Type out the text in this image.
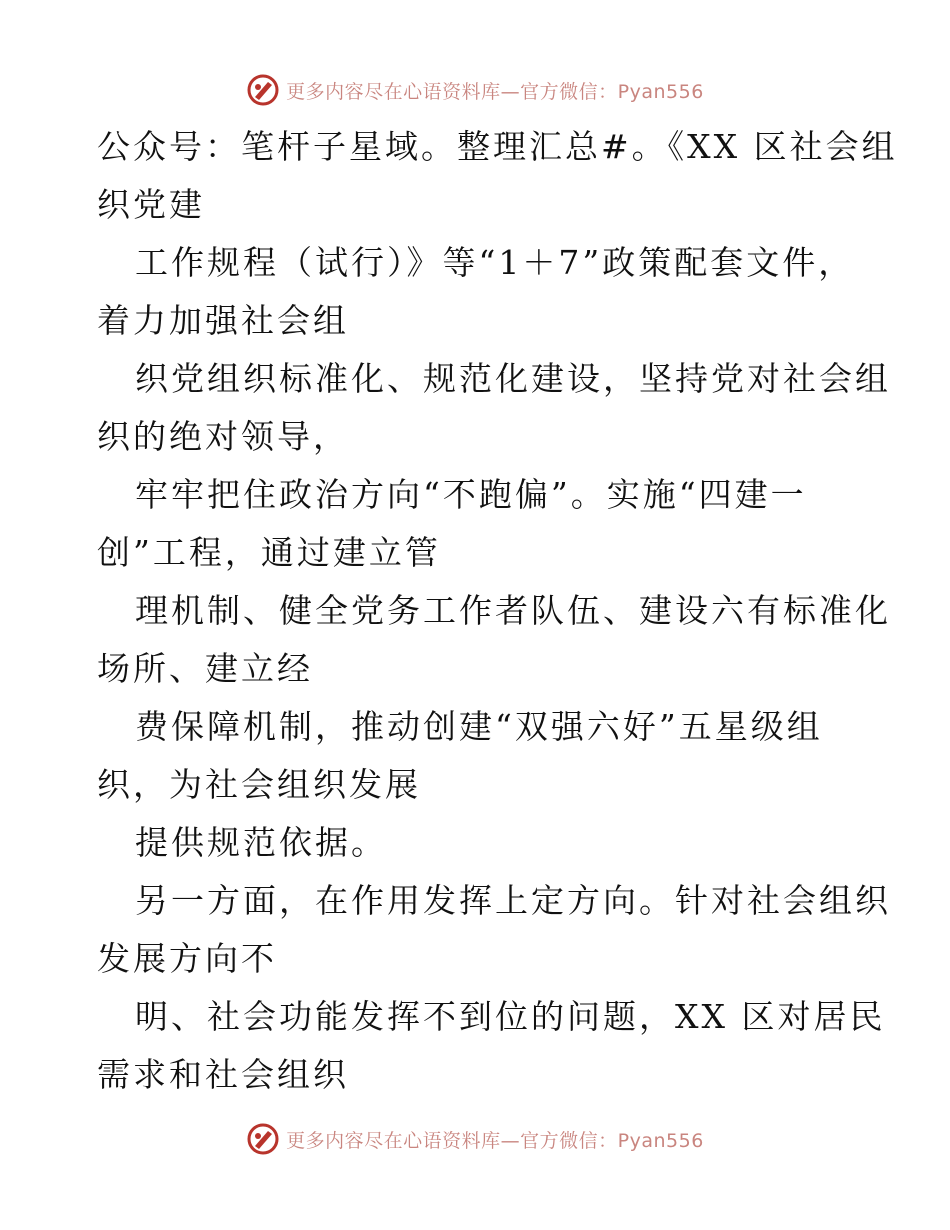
更多内容尽在心语资料库—官方微信：Pyan556
公众号：笔杆子星域。整理汇总#。《XX 区社会组
织党建
工作规程（试行）》等“1＋7”政策配套文件，
着力加强社会组
织党组织标准化、规范化建设，坚持党对社会组
织的绝对领导，
牢牢把住政治方向“不跑偏”。实施“四建一
创”工程，通过建立管
理机制、健全党务工作者队伍、建设六有标准化
场所、建立经
费保障机制，推动创建“双强六好”五星级组
织，为社会组织发展
提供规范依据。
另一方面，在作用发挥上定方向。针对社会组织
发展方向不
明、社会功能发挥不到位的问题，XX 区对居民
需求和社会组织
更多内容尽在心语资料库—官方微信：Pyan556
